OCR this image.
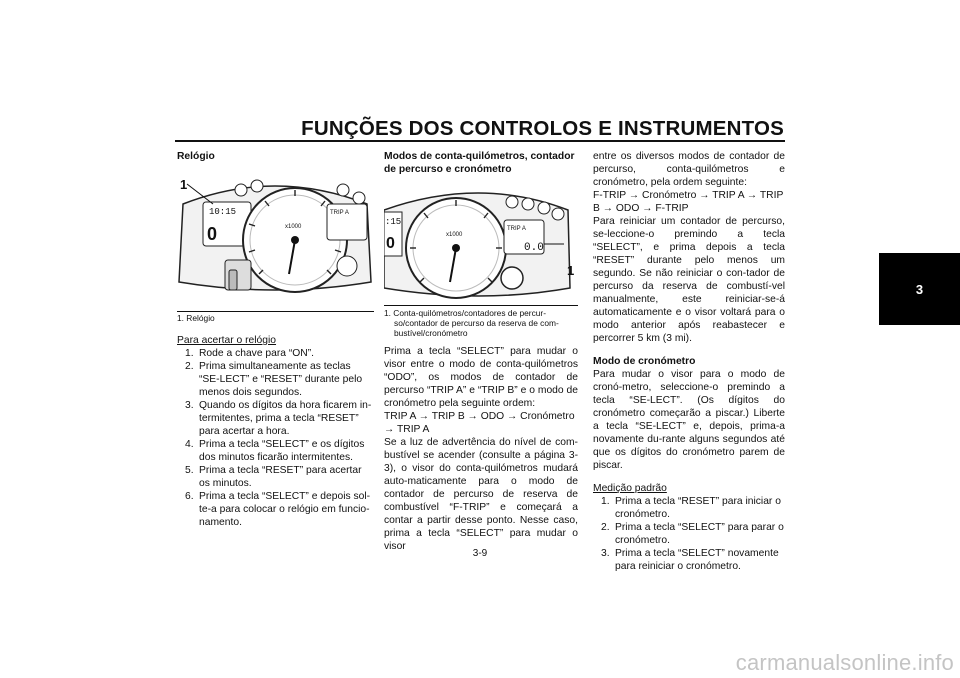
FUNÇÕES DOS CONTROLOS E INSTRUMENTOS
3
Relógio
10:15
0	x1000
TRIP A
1
1. Relógio
Para acertar o relógio
1. Rode a chave para “ON”.
2. Prima simultaneamente as teclas “SE-LECT” e “RESET” durante pelo menos dois segundos.
3. Quando os dígitos da hora ficarem in-termitentes, prima a tecla “RESET” para acertar a hora.
4. Prima a tecla “SELECT” e os dígitos dos minutos ficarão intermitentes.
5. Prima a tecla “RESET” para acertar os minutos.
6. Prima a tecla “SELECT” e depois sol-te-a para colocar o relógio em funcio-namento.
Modos de conta-quilómetros, contador de percurso e cronómetro
:15
0	x1000
TRIP A
0.0
1
1. Conta-quilómetros/contadores de percur-so/contador de percurso da reserva de com-bustível/cronómetro
Prima a tecla “SELECT” para mudar o visor entre o modo de conta-quilómetros “ODO”, os modos de contador de percurso “TRIP A” e “TRIP B” e o modo de cronómetro pela seguinte ordem:
TRIP A → TRIP B → ODO → Cronómetro → TRIP A
Se a luz de advertência do nível de com-bustível se acender (consulte a página 3-3), o visor do conta-quilómetros mudará auto-maticamente para o modo de contador de percurso de reserva de combustível “F-TRIP” e começará a contar a partir desse ponto. Nesse caso, prima a tecla “SELECT” para mudar o visor
entre os diversos modos de contador de percurso, conta-quilómetros e cronómetro, pela ordem seguinte:
F-TRIP → Cronómetro → TRIP A → TRIP B → ODO → F-TRIP
Para reiniciar um contador de percurso, se-leccione-o premindo a tecla “SELECT”, e prima depois a tecla “RESET” durante pelo menos um segundo. Se não reiniciar o con-tador de percurso da reserva de combustí-vel manualmente, este reiniciar-se-á automaticamente e o visor voltará para o modo anterior após reabastecer e percorrer 5 km (3 mi).
Modo de cronómetro
Para mudar o visor para o modo de cronó-metro, seleccione-o premindo a tecla “SE-LECT”. (Os dígitos do cronómetro começarão a piscar.) Liberte a tecla “SE-LECT” e, depois, prima-a novamente du-rante alguns segundos até que os dígitos do cronómetro parem de piscar.
Medição padrão
1. Prima a tecla “RESET” para iniciar o cronómetro.
2. Prima a tecla “SELECT” para parar o cronómetro.
3. Prima a tecla “SELECT” novamente para reiniciar o cronómetro.
3-9
carmanualsonline.info
